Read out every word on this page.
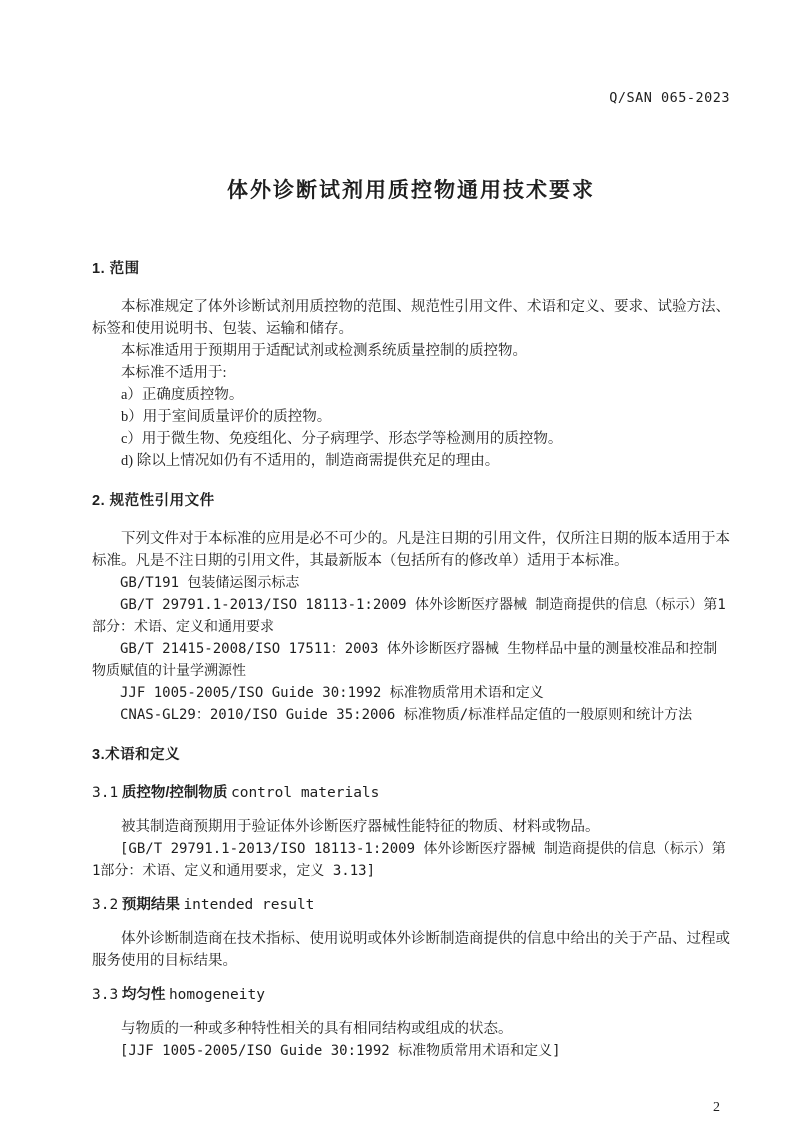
Q/SAN 065-2023
体外诊断试剂用质控物通用技术要求
1. 范围

本标准规定了体外诊断试剂用质控物的范围、规范性引用文件、术语和定义、要求、试验方法、标签和使用说明书、包装、运输和储存。

本标准适用于预期用于适配试剂或检测系统质量控制的质控物。

本标准不适用于:

a）正确度质控物。

b）用于室间质量评价的质控物。

c）用于微生物、免疫组化、分子病理学、形态学等检测用的质控物。

d) 除以上情况如仍有不适用的，制造商需提供充足的理由。

2. 规范性引用文件

下列文件对于本标准的应用是必不可少的。凡是注日期的引用文件，仅所注日期的版本适用于本标准。凡是不注日期的引用文件，其最新版本（包括所有的修改单）适用于本标准。

GB/T191 包装储运图示标志

GB/T 29791.1-2013/ISO 18113-1:2009 体外诊断医疗器械 制造商提供的信息（标示）第1部分：术语、定义和通用要求

GB/T 21415-2008/ISO 17511：2003 体外诊断医疗器械 生物样品中量的测量校准品和控制物质赋值的计量学溯源性

JJF 1005-2005/ISO Guide 30:1992 标准物质常用术语和定义

CNAS-GL29：2010/ISO Guide 35:2006 标准物质/标准样品定值的一般原则和统计方法

3.术语和定义
3.1 质控物/控制物质 control materials

被其制造商预期用于验证体外诊断医疗器械性能特征的物质、材料或物品。

[GB/T 29791.1-2013/ISO 18113-1:2009 体外诊断医疗器械 制造商提供的信息（标示）第1部分：术语、定义和通用要求，定义 3.13]

3.2 预期结果 intended result

体外诊断制造商在技术指标、使用说明或体外诊断制造商提供的信息中给出的关于产品、过程或服务使用的目标结果。

3.3 均匀性 homogeneity

与物质的一种或多种特性相关的具有相同结构或组成的状态。

[JJF 1005-2005/ISO Guide 30:1992 标准物质常用术语和定义]

2
